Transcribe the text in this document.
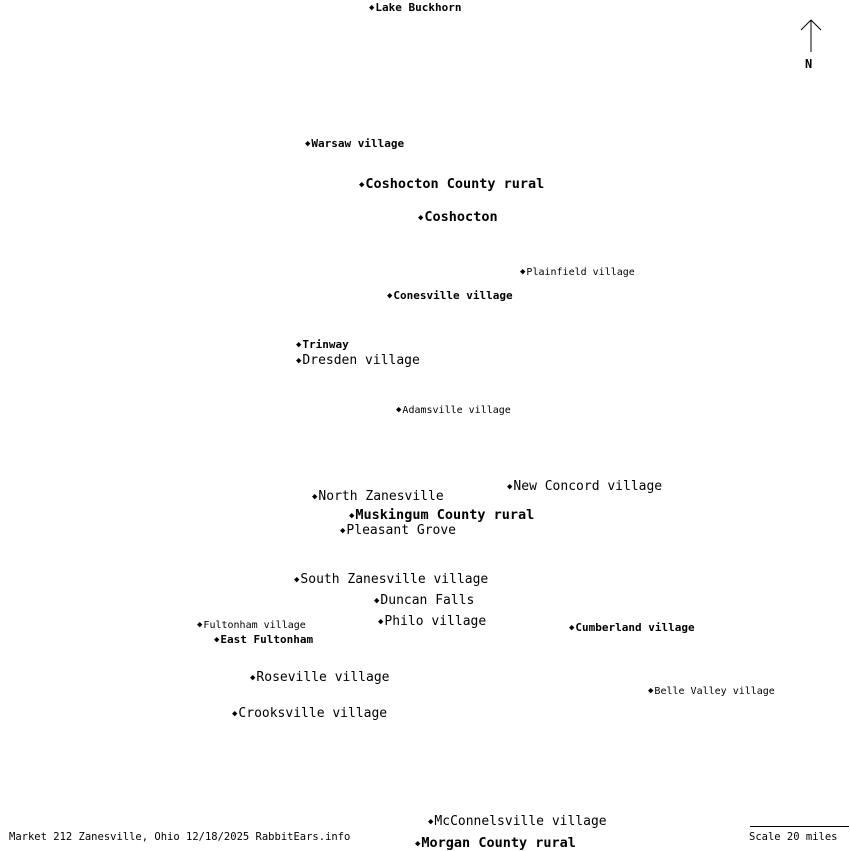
◆Lake Buckhorn
◆Warsaw village
◆Coshocton County rural
◆Coshocton
◆Plainfield village
◆Conesville village
◆Trinway
◆Dresden village
◆Adamsville village
◆New Concord village
◆North Zanesville
◆Muskingum County rural
◆Pleasant Grove
◆South Zanesville village
◆Duncan Falls
◆Philo village	◆Cumberland village
◆Fultonham village
◆East Fultonham
◆Roseville village
◆Belle Valley village
◆Crooksville village
◆McConnelsville village
◆Morgan County rural
N
Market 212 Zanesville, Ohio 12/18/2025 RabbitEars.info	Scale 20 miles
